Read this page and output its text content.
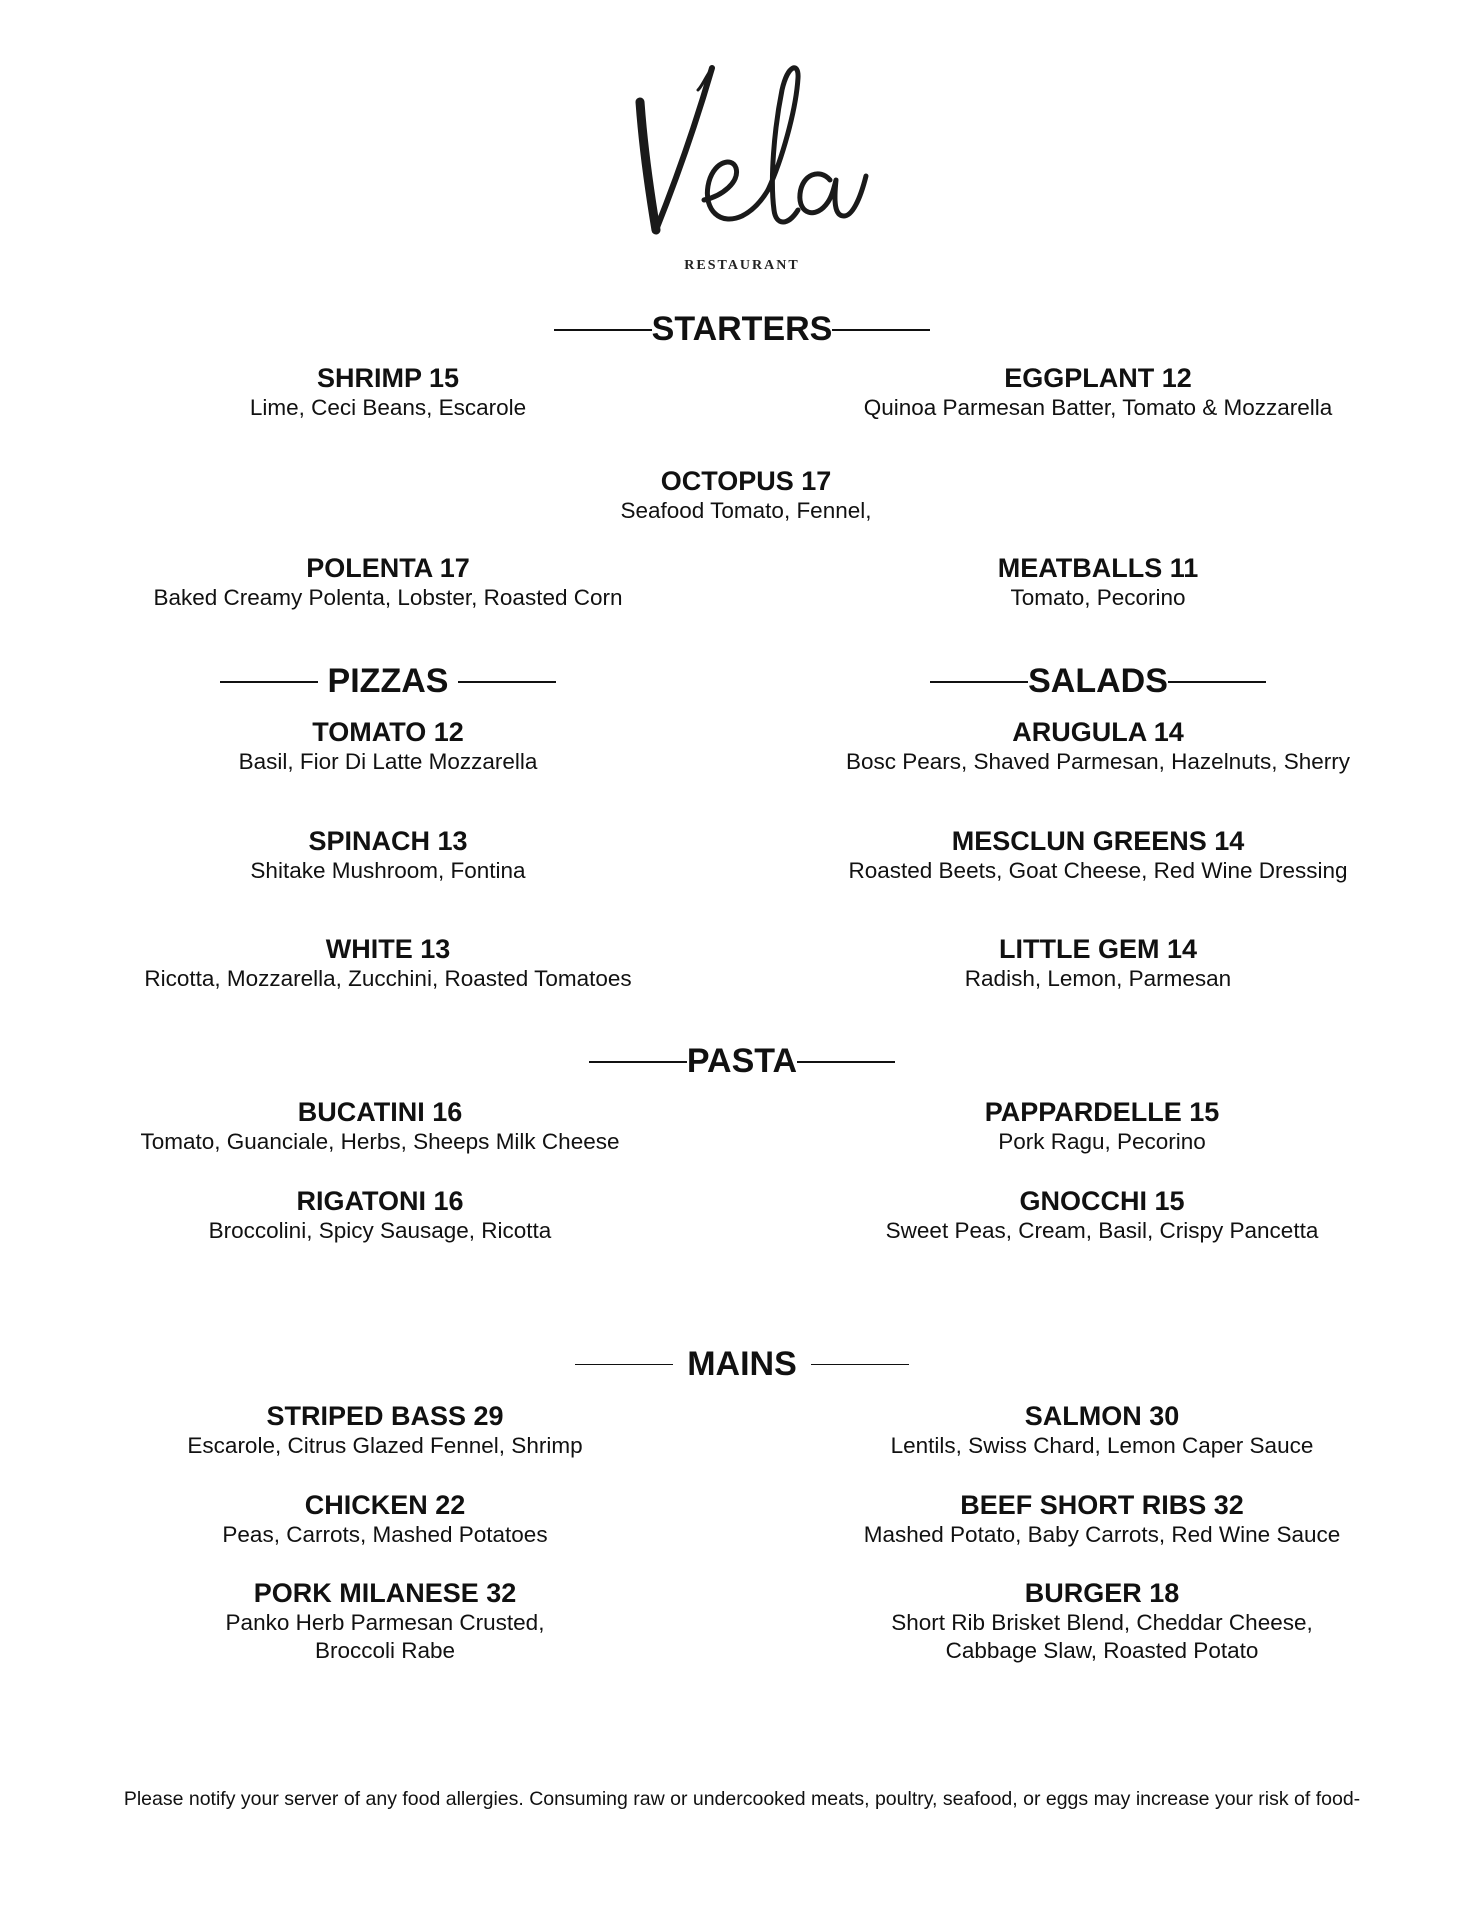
RESTAURANT
STARTERS
SHRIMP 15
Lime, Ceci Beans, Escarole
EGGPLANT 12
Quinoa Parmesan Batter, Tomato & Mozzarella
OCTOPUS 17
Seafood Tomato, Fennel,
POLENTA 17
Baked Creamy Polenta, Lobster, Roasted Corn
MEATBALLS 11
Tomato, Pecorino
PIZZAS
TOMATO 12
Basil, Fior Di Latte Mozzarella
SPINACH 13
Shitake Mushroom, Fontina
WHITE 13
Ricotta, Mozzarella, Zucchini, Roasted Tomatoes
SALADS
ARUGULA 14
Bosc Pears, Shaved Parmesan, Hazelnuts, Sherry
MESCLUN GREENS 14
Roasted Beets, Goat Cheese, Red Wine Dressing
LITTLE GEM 14
Radish, Lemon, Parmesan
PASTA
BUCATINI 16
Tomato, Guanciale, Herbs, Sheeps Milk Cheese
PAPPARDELLE 15
Pork Ragu, Pecorino
RIGATONI 16
Broccolini, Spicy Sausage, Ricotta
GNOCCHI 15
Sweet Peas, Cream, Basil, Crispy Pancetta
MAINS
STRIPED BASS 29
Escarole, Citrus Glazed Fennel, Shrimp
SALMON 30
Lentils, Swiss Chard, Lemon Caper Sauce
CHICKEN 22
Peas, Carrots, Mashed Potatoes
BEEF SHORT RIBS 32
Mashed Potato, Baby Carrots, Red Wine Sauce
PORK MILANESE 32
Panko Herb Parmesan Crusted,
Broccoli Rabe
BURGER 18
Short Rib Brisket Blend, Cheddar Cheese,
Cabbage Slaw, Roasted Potato
Please notify your server of any food allergies. Consuming raw or undercooked meats, poultry, seafood, or eggs may increase your risk of food-
